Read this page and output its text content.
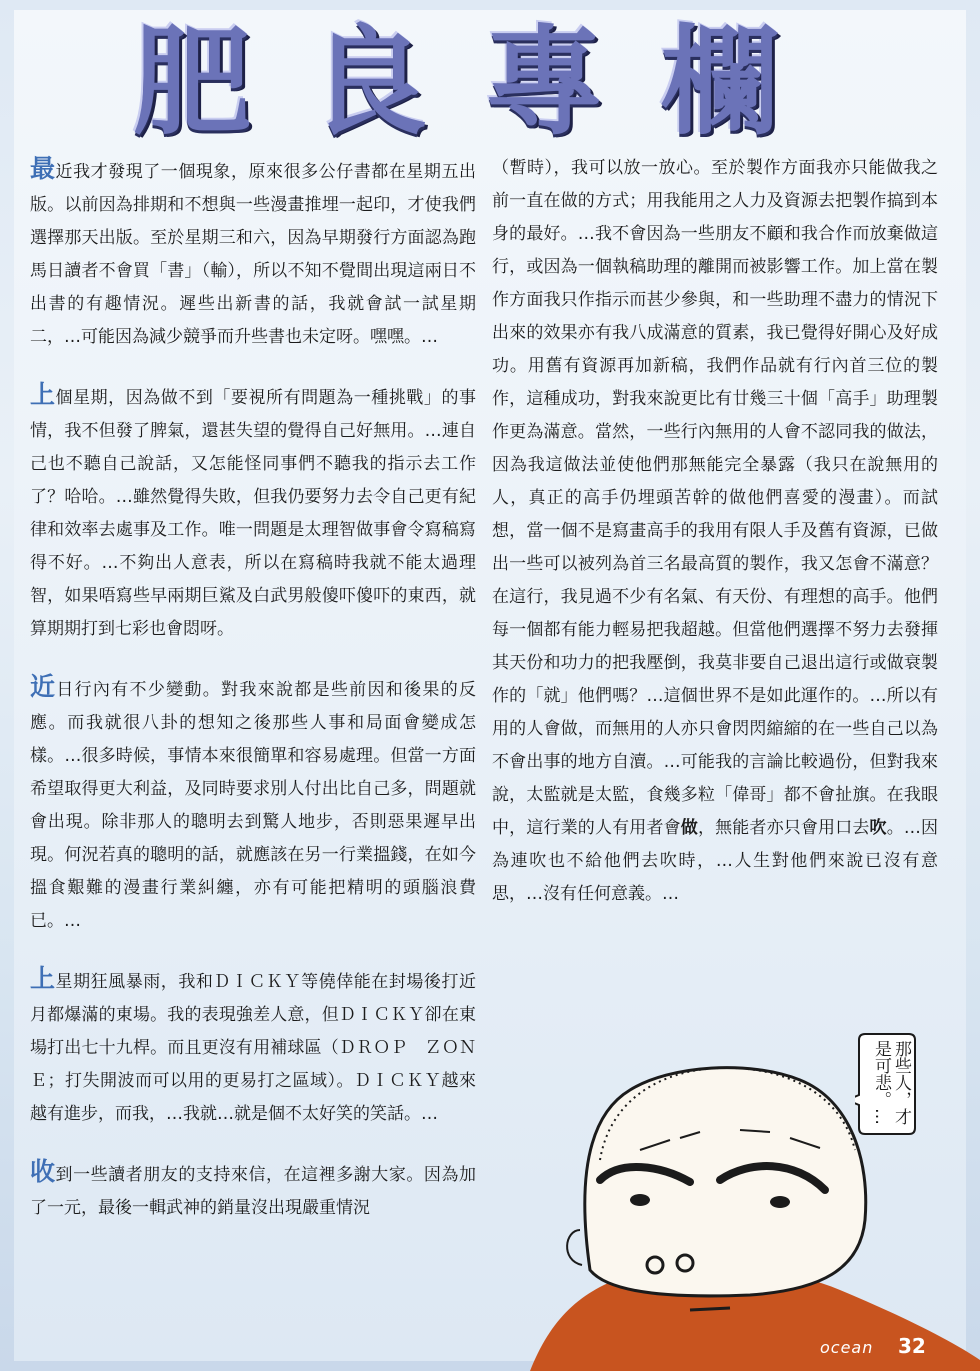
肥良專欄

最近我才發現了一個現象，原來很多公仔書都在星期五出版。以前因為排期和不想與一些漫畫推埋一起印，才使我們選擇那天出版。至於星期三和六，因為早期發行方面認為跑馬日讀者不會買「書」（輸），所以不知不覺間出現這兩日不出書的有趣情況。遲些出新書的話，我就會試一試星期二，…可能因為減少競爭而升些書也未定呀。嘿嘿。…

上個星期，因為做不到「要視所有問題為一種挑戰」的事情，我不但發了脾氣，還甚失望的覺得自己好無用。…連自己也不聽自己說話，又怎能怪同事們不聽我的指示去工作了？哈哈。…雖然覺得失敗，但我仍要努力去令自己更有紀律和效率去處事及工作。唯一問題是太理智做事會令寫稿寫得不好。…不夠出人意表，所以在寫稿時我就不能太過理智，如果唔寫些早兩期巨鯊及白武男般傻吓傻吓的東西，就算期期打到七彩也會悶呀。

近日行內有不少變動。對我來說都是些前因和後果的反應。而我就很八卦的想知之後那些人事和局面會變成怎樣。…很多時候，事情本來很簡單和容易處理。但當一方面希望取得更大利益，及同時要求別人付出比自己多，問題就會出現。除非那人的聰明去到驚人地步，否則惡果遲早出現。何況若真的聰明的話，就應該在另一行業搵錢，在如今搵食艱難的漫畫行業糾纏，亦有可能把精明的頭腦浪費已。…

上星期狂風暴雨，我和ＤＩＣＫＹ等僥倖能在封場後打近月都爆滿的東場。我的表現強差人意，但ＤＩＣＫＹ卻在東場打出七十九桿。而且更沒有用補球區（ＤＲＯＰ　ＺＯＮＥ；打失開波而可以用的更易打之區域）。ＤＩＣＫＹ越來越有進步，而我，…我就…就是個不太好笑的笑話。…

收到一些讀者朋友的支持來信，在這裡多謝大家。因為加了一元，最後一輯武神的銷量沒出現嚴重情況

（暫時），我可以放一放心。至於製作方面我亦只能做我之前一直在做的方式；用我能用之人力及資源去把製作搞到本身的最好。…我不會因為一些朋友不顧和我合作而放棄做這行，或因為一個執稿助理的離開而被影響工作。加上當在製作方面我只作指示而甚少參與，和一些助理不盡力的情況下出來的效果亦有我八成滿意的質素，我已覺得好開心及好成功。用舊有資源再加新稿，我們作品就有行內首三位的製作，這種成功，對我來說更比有廿幾三十個「高手」助理製作更為滿意。當然，一些行內無用的人會不認同我的做法，因為我這做法並使他們那無能完全暴露（我只在說無用的人，真正的高手仍埋頭苦幹的做他們喜愛的漫畫）。而試想，當一個不是寫畫高手的我用有限人手及舊有資源，已做出一些可以被列為首三名最高質的製作，我又怎會不滿意？在這行，我見過不少有名氣、有天份、有理想的高手。他們每一個都有能力輕易把我超越。但當他們選擇不努力去發揮其天份和功力的把我壓倒，我莫非要自己退出這行或做衰製作的「就」他們嗎？…這個世界不是如此運作的。…所以有用的人會做，而無用的人亦只會閃閃縮縮的在一些自己以為不會出事的地方自瀆。…可能我的言論比較過份，但對我來說，太監就是太監，食幾多粒「偉哥」都不會扯旗。在我眼中，這行業的人有用者會做，無能者亦只會用口去吹。…因為連吹也不給他們去吹時，…人生對他們來說已沒有意思，…沒有任何意義。…

那些人，才是可悲。…
ocean 32
